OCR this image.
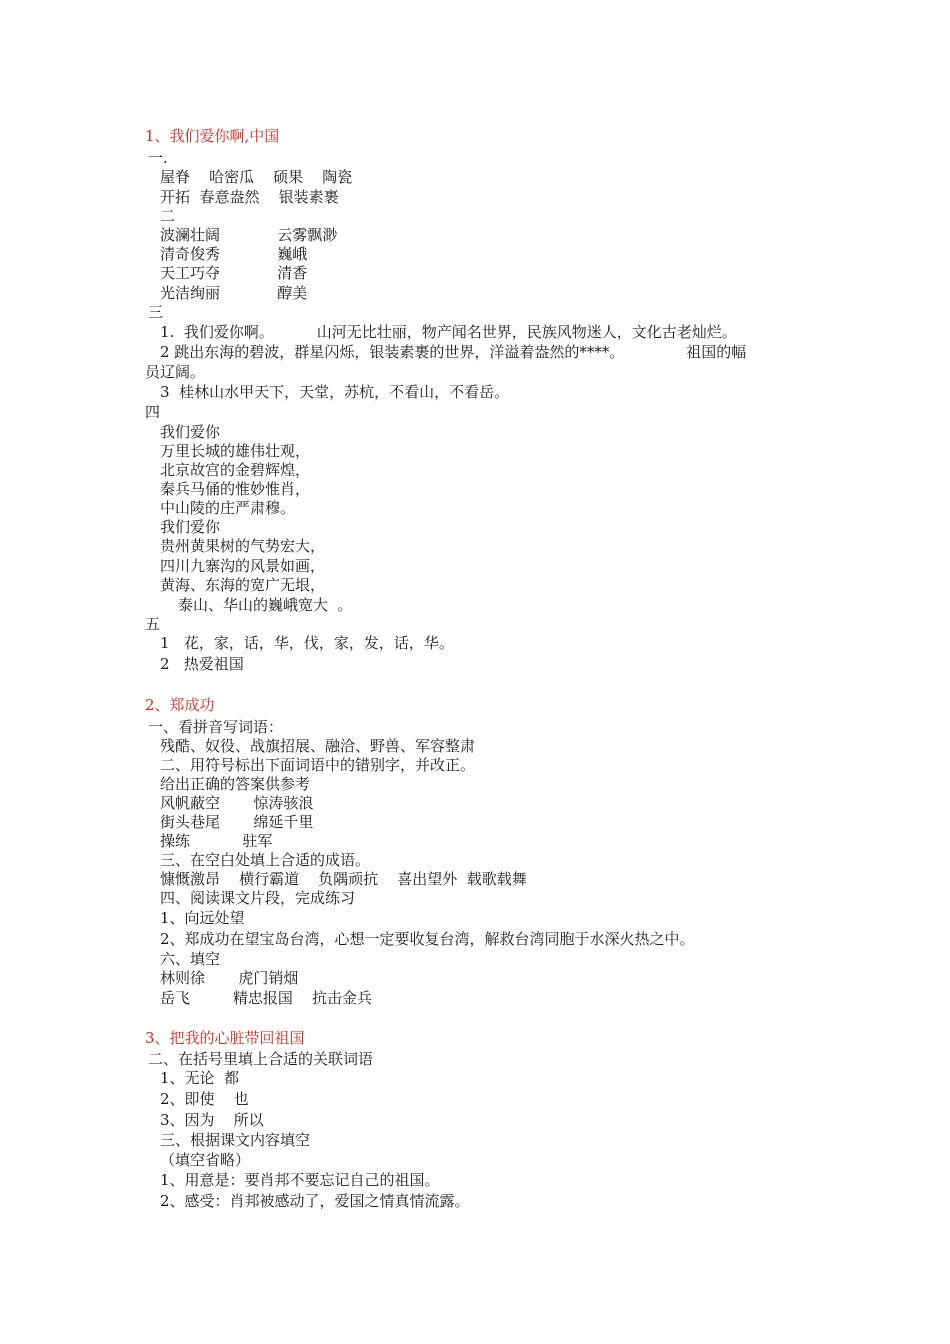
1、我们爱你啊,中国
一.
屋脊    哈密瓜    硕果    陶瓷
开拓  春意盎然    银装素裹
二
波澜壮阔            云雾飘渺
清奇俊秀            巍峨
天工巧夺            清香
光洁绚丽            醇美
三
1.  我们爱你啊。         山河无比壮丽，物产闻名世界，民族风物迷人，文化古老灿烂。
2 跳出东海的碧波，群星闪烁，银装素裹的世界，洋溢着盎然的****。             祖国的幅
员辽阔。
3  桂林山水甲天下，天堂，苏杭，不看山，不看岳。
四
我们爱你
万里长城的雄伟壮观，
北京故宫的金碧辉煌，
秦兵马俑的惟妙惟肖，
中山陵的庄严肃穆。
我们爱你
贵州黄果树的气势宏大，
四川九寨沟的风景如画，
黄海、东海的宽广无垠，
泰山、华山的巍峨宽大  。
五
1   花，家，话，华，伐，家，发，话，华。
2   热爱祖国
2、郑成功
一、看拼音写词语：
残酷、奴役、战旗招展、融洽、野兽、军容整肃
二、用符号标出下面词语中的错别字，并改正。
给出正确的答案供参考
风帆蔽空       惊涛骇浪
街头巷尾       绵延千里
操练           驻军
三、在空白处填上合适的成语。
慷慨激昂    横行霸道    负隅顽抗    喜出望外  载歌载舞
四、阅读课文片段，完成练习
1、向远处望
2、郑成功在望宝岛台湾，心想一定要收复台湾，解救台湾同胞于水深火热之中。
六、填空
林则徐       虎门销烟
岳飞         精忠报国    抗击金兵
3、把我的心脏带回祖国
二、在括号里填上合适的关联词语
1、无论  都
2、即使    也
3、因为    所以
三、根据课文内容填空
（填空省略）
1、用意是：要肖邦不要忘记自己的祖国。
2、感受：肖邦被感动了，爱国之情真情流露。
